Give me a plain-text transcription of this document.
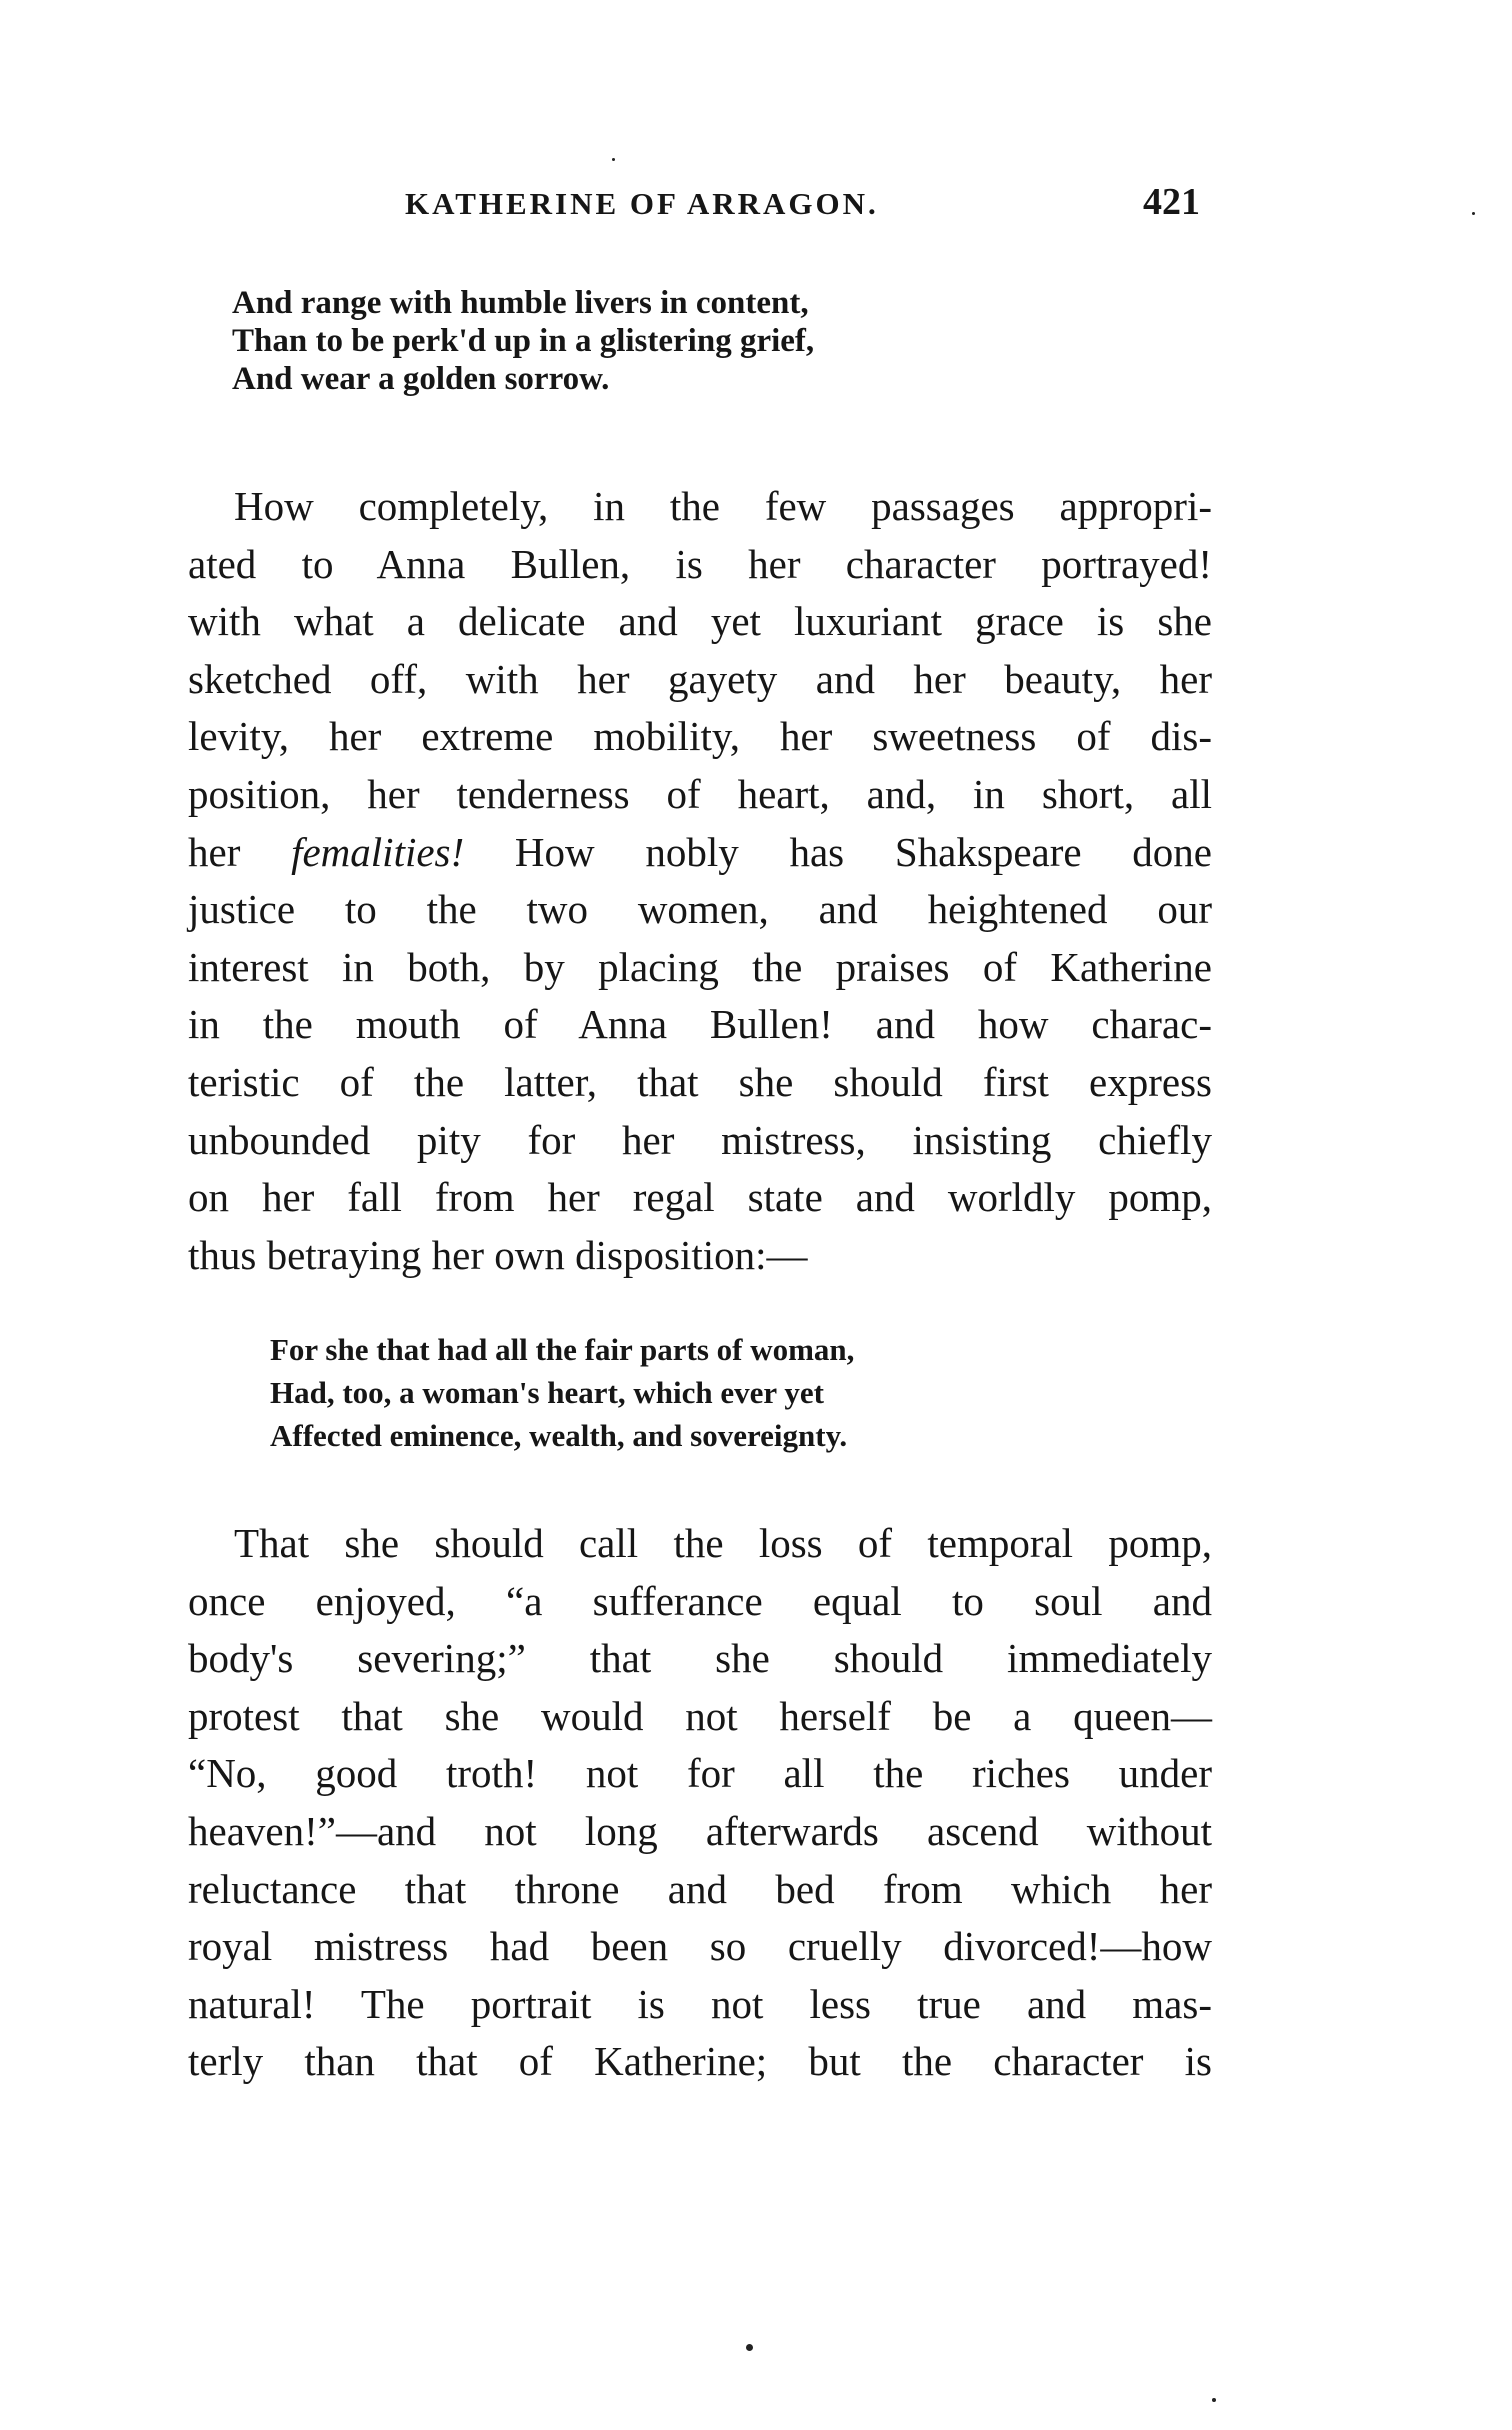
KATHERINE OF ARRAGON.	421
And range with humble livers in content,
Than to be perk'd up in a glistering grief,
And wear a golden sorrow.
How completely, in the few passages appropri-
ated to Anna Bullen, is her character portrayed!
with what a delicate and yet luxuriant grace is she
sketched off, with her gayety and her beauty, her
levity, her extreme mobility, her sweetness of dis-
position, her tenderness of heart, and, in short, all
her femalities! How nobly has Shakspeare done
justice to the two women, and heightened our
interest in both, by placing the praises of Katherine
in the mouth of Anna Bullen! and how charac-
teristic of the latter, that she should first express
unbounded pity for her mistress, insisting chiefly
on her fall from her regal state and worldly pomp,
thus betraying her own disposition:—
For she that had all the fair parts of woman,
Had, too, a woman's heart, which ever yet
Affected eminence, wealth, and sovereignty.
That she should call the loss of temporal pomp,
once enjoyed, “a sufferance equal to soul and
body's severing;” that she should immediately
protest that she would not herself be a queen—
“No, good troth! not for all the riches under
heaven!”—and not long afterwards ascend without
reluctance that throne and bed from which her
royal mistress had been so cruelly divorced!—how
natural! The portrait is not less true and mas-
terly than that of Katherine; but the character is
